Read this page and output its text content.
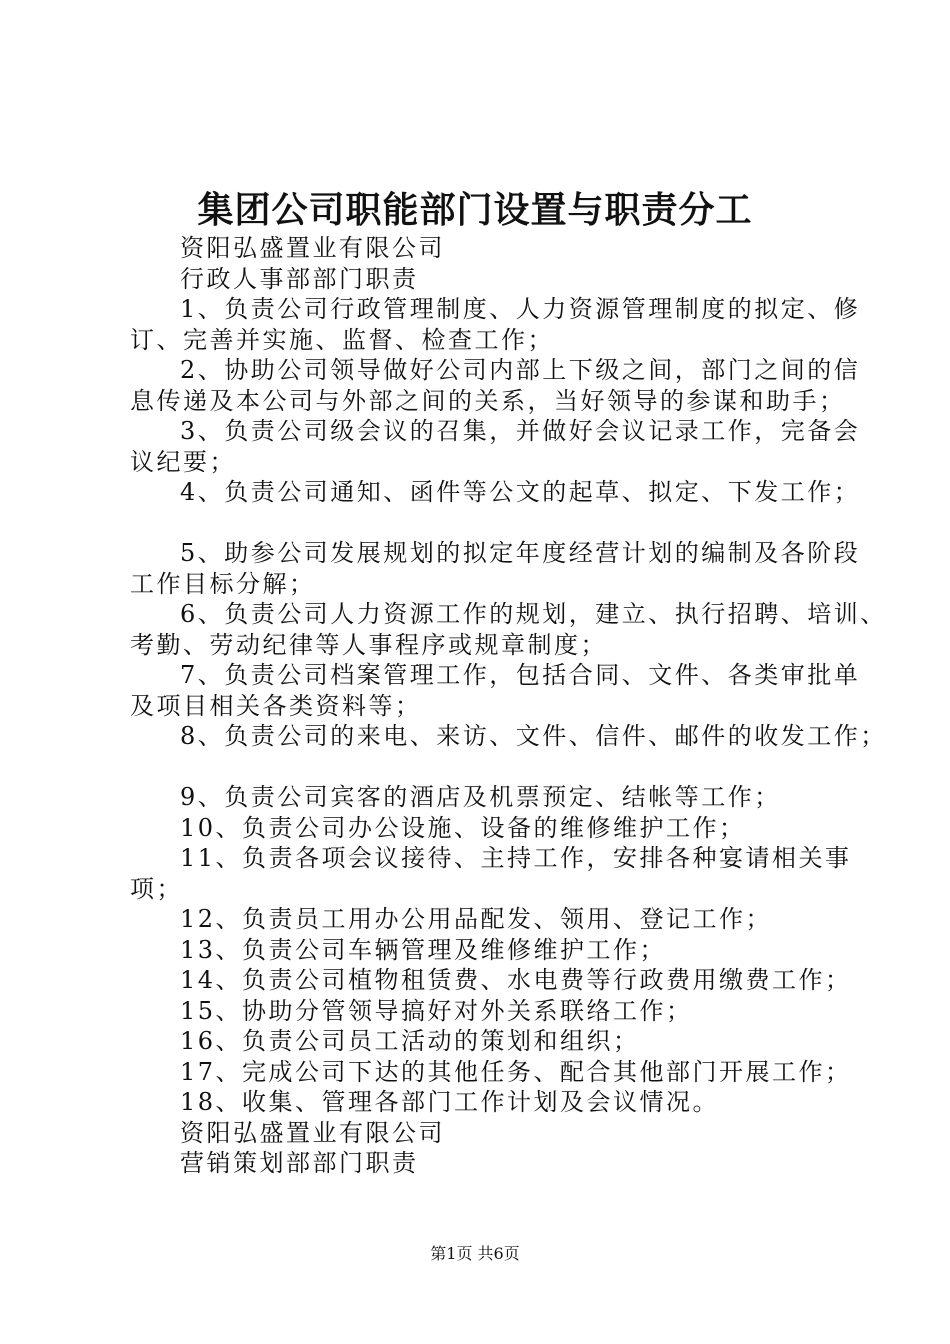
集团公司职能部门设置与职责分工
资阳弘盛置业有限公司
行政人事部部门职责
1、负责公司行政管理制度、人力资源管理制度的拟定、修
订、完善并实施、监督、检查工作；
2、协助公司领导做好公司内部上下级之间，部门之间的信
息传递及本公司与外部之间的关系，当好领导的参谋和助手；
3、负责公司级会议的召集，并做好会议记录工作，完备会
议纪要；
4、负责公司通知、函件等公文的起草、拟定、下发工作；
5、助参公司发展规划的拟定年度经营计划的编制及各阶段
工作目标分解；
6、负责公司人力资源工作的规划，建立、执行招聘、培训、
考勤、劳动纪律等人事程序或规章制度；
7、负责公司档案管理工作，包括合同、文件、各类审批单
及项目相关各类资料等；
8、负责公司的来电、来访、文件、信件、邮件的收发工作；
9、负责公司宾客的酒店及机票预定、结帐等工作；
10、负责公司办公设施、设备的维修维护工作；
11、负责各项会议接待、主持工作，安排各种宴请相关事
项；
12、负责员工用办公用品配发、领用、登记工作；
13、负责公司车辆管理及维修维护工作；
14、负责公司植物租赁费、水电费等行政费用缴费工作；
15、协助分管领导搞好对外关系联络工作；
16、负责公司员工活动的策划和组织；
17、完成公司下达的其他任务、配合其他部门开展工作；
18、收集、管理各部门工作计划及会议情况。
资阳弘盛置业有限公司
营销策划部部门职责
第1页 共6页
